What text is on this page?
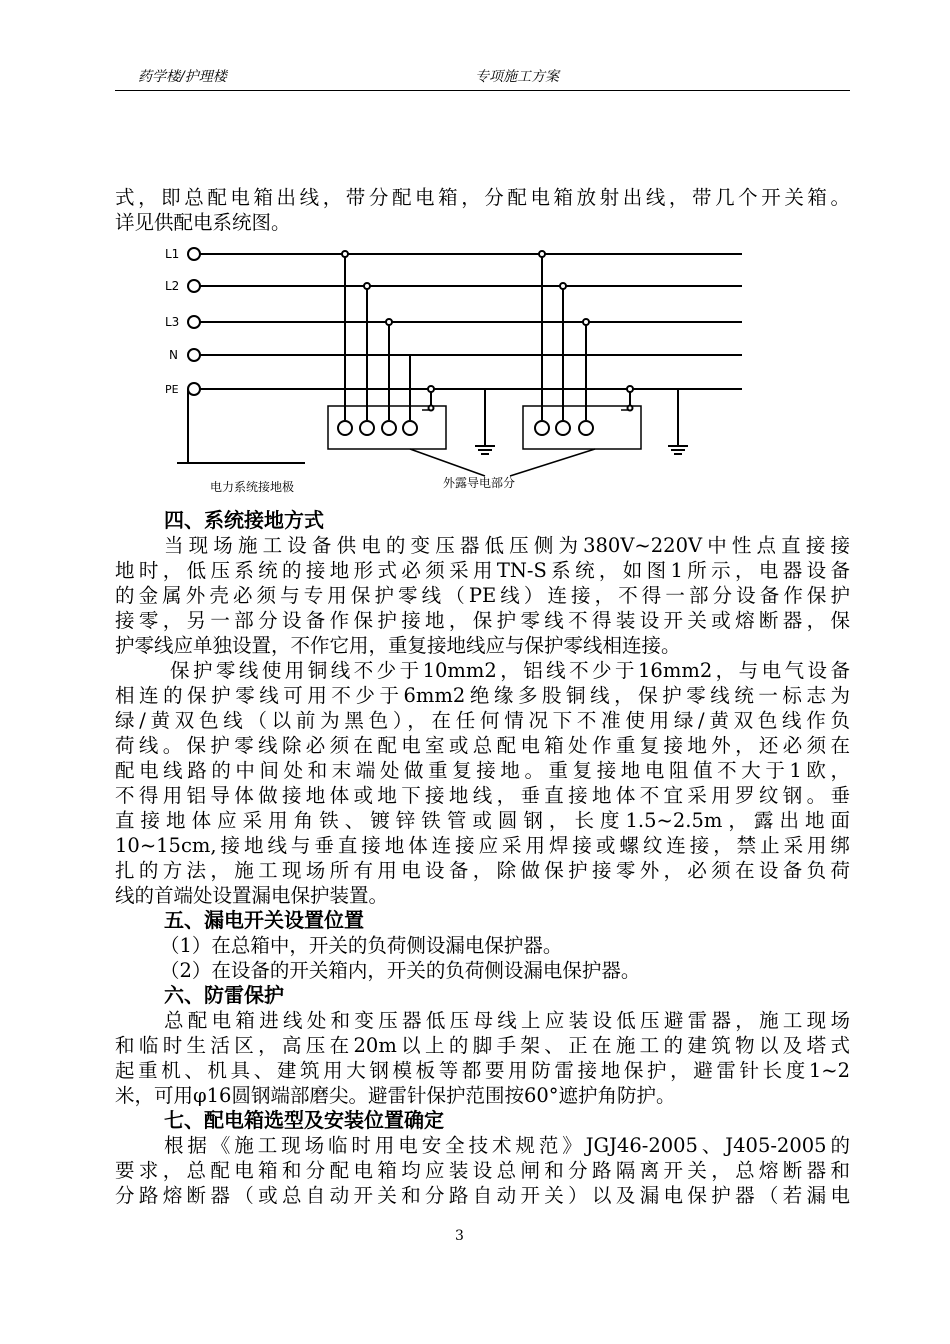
药学楼/护理楼	专项施工方案

式，即总配电箱出线，带分配电箱，分配电箱放射出线，带几个开关箱。

详见供配电系统图。

L1
L2
L3
N
PE
电力系统接地极	外露导电部分
四、系统接地方式

当现场施工设备供电的变压器低压侧为380V~220V中性点直接接

地时，低压系统的接地形式必须采用TN-S系统，如图1所示，电器设备

的金属外壳必须与专用保护零线（PE线）连接，不得一部分设备作保护

接零，另一部分设备作保护接地，保护零线不得装设开关或熔断器，保

护零线应单独设置，不作它用，重复接地线应与保护零线相连接。

保护零线使用铜线不少于10mm2，铝线不少于16mm2，与电气设备

相连的保护零线可用不少于6mm2绝缘多股铜线，保护零线统一标志为

绿/黄双色线（以前为黑色），在任何情况下不准使用绿/黄双色线作负

荷线。保护零线除必须在配电室或总配电箱处作重复接地外，还必须在

配电线路的中间处和末端处做重复接地。重复接地电阻值不大于1欧，

不得用铝导体做接地体或地下接地线，垂直接地体不宜采用罗纹钢。垂

直接地体应采用角铁、镀锌铁管或圆钢，长度1.5~2.5m，露出地面

10~15cm,接地线与垂直接地体连接应采用焊接或螺纹连接，禁止采用绑

扎的方法，施工现场所有用电设备，除做保护接零外，必须在设备负荷

线的首端处设置漏电保护装置。

五、漏电开关设置位置

（1）在总箱中，开关的负荷侧设漏电保护器。

（2）在设备的开关箱内，开关的负荷侧设漏电保护器。

六、防雷保护

总配电箱进线处和变压器低压母线上应装设低压避雷器，施工现场

和临时生活区，高压在20m以上的脚手架、正在施工的建筑物以及塔式

起重机、机具、建筑用大钢模板等都要用防雷接地保护，避雷针长度1~2

米，可用φ16圆钢端部磨尖。避雷针保护范围按60°遮护角防护。

七、配电箱选型及安装位置确定

根据《施工现场临时用电安全技术规范》JGJ46-2005、J405-2005的

要求，总配电箱和分配电箱均应装设总闸和分路隔离开关，总熔断器和

分路熔断器（或总自动开关和分路自动开关）以及漏电保护器（若漏电

3
